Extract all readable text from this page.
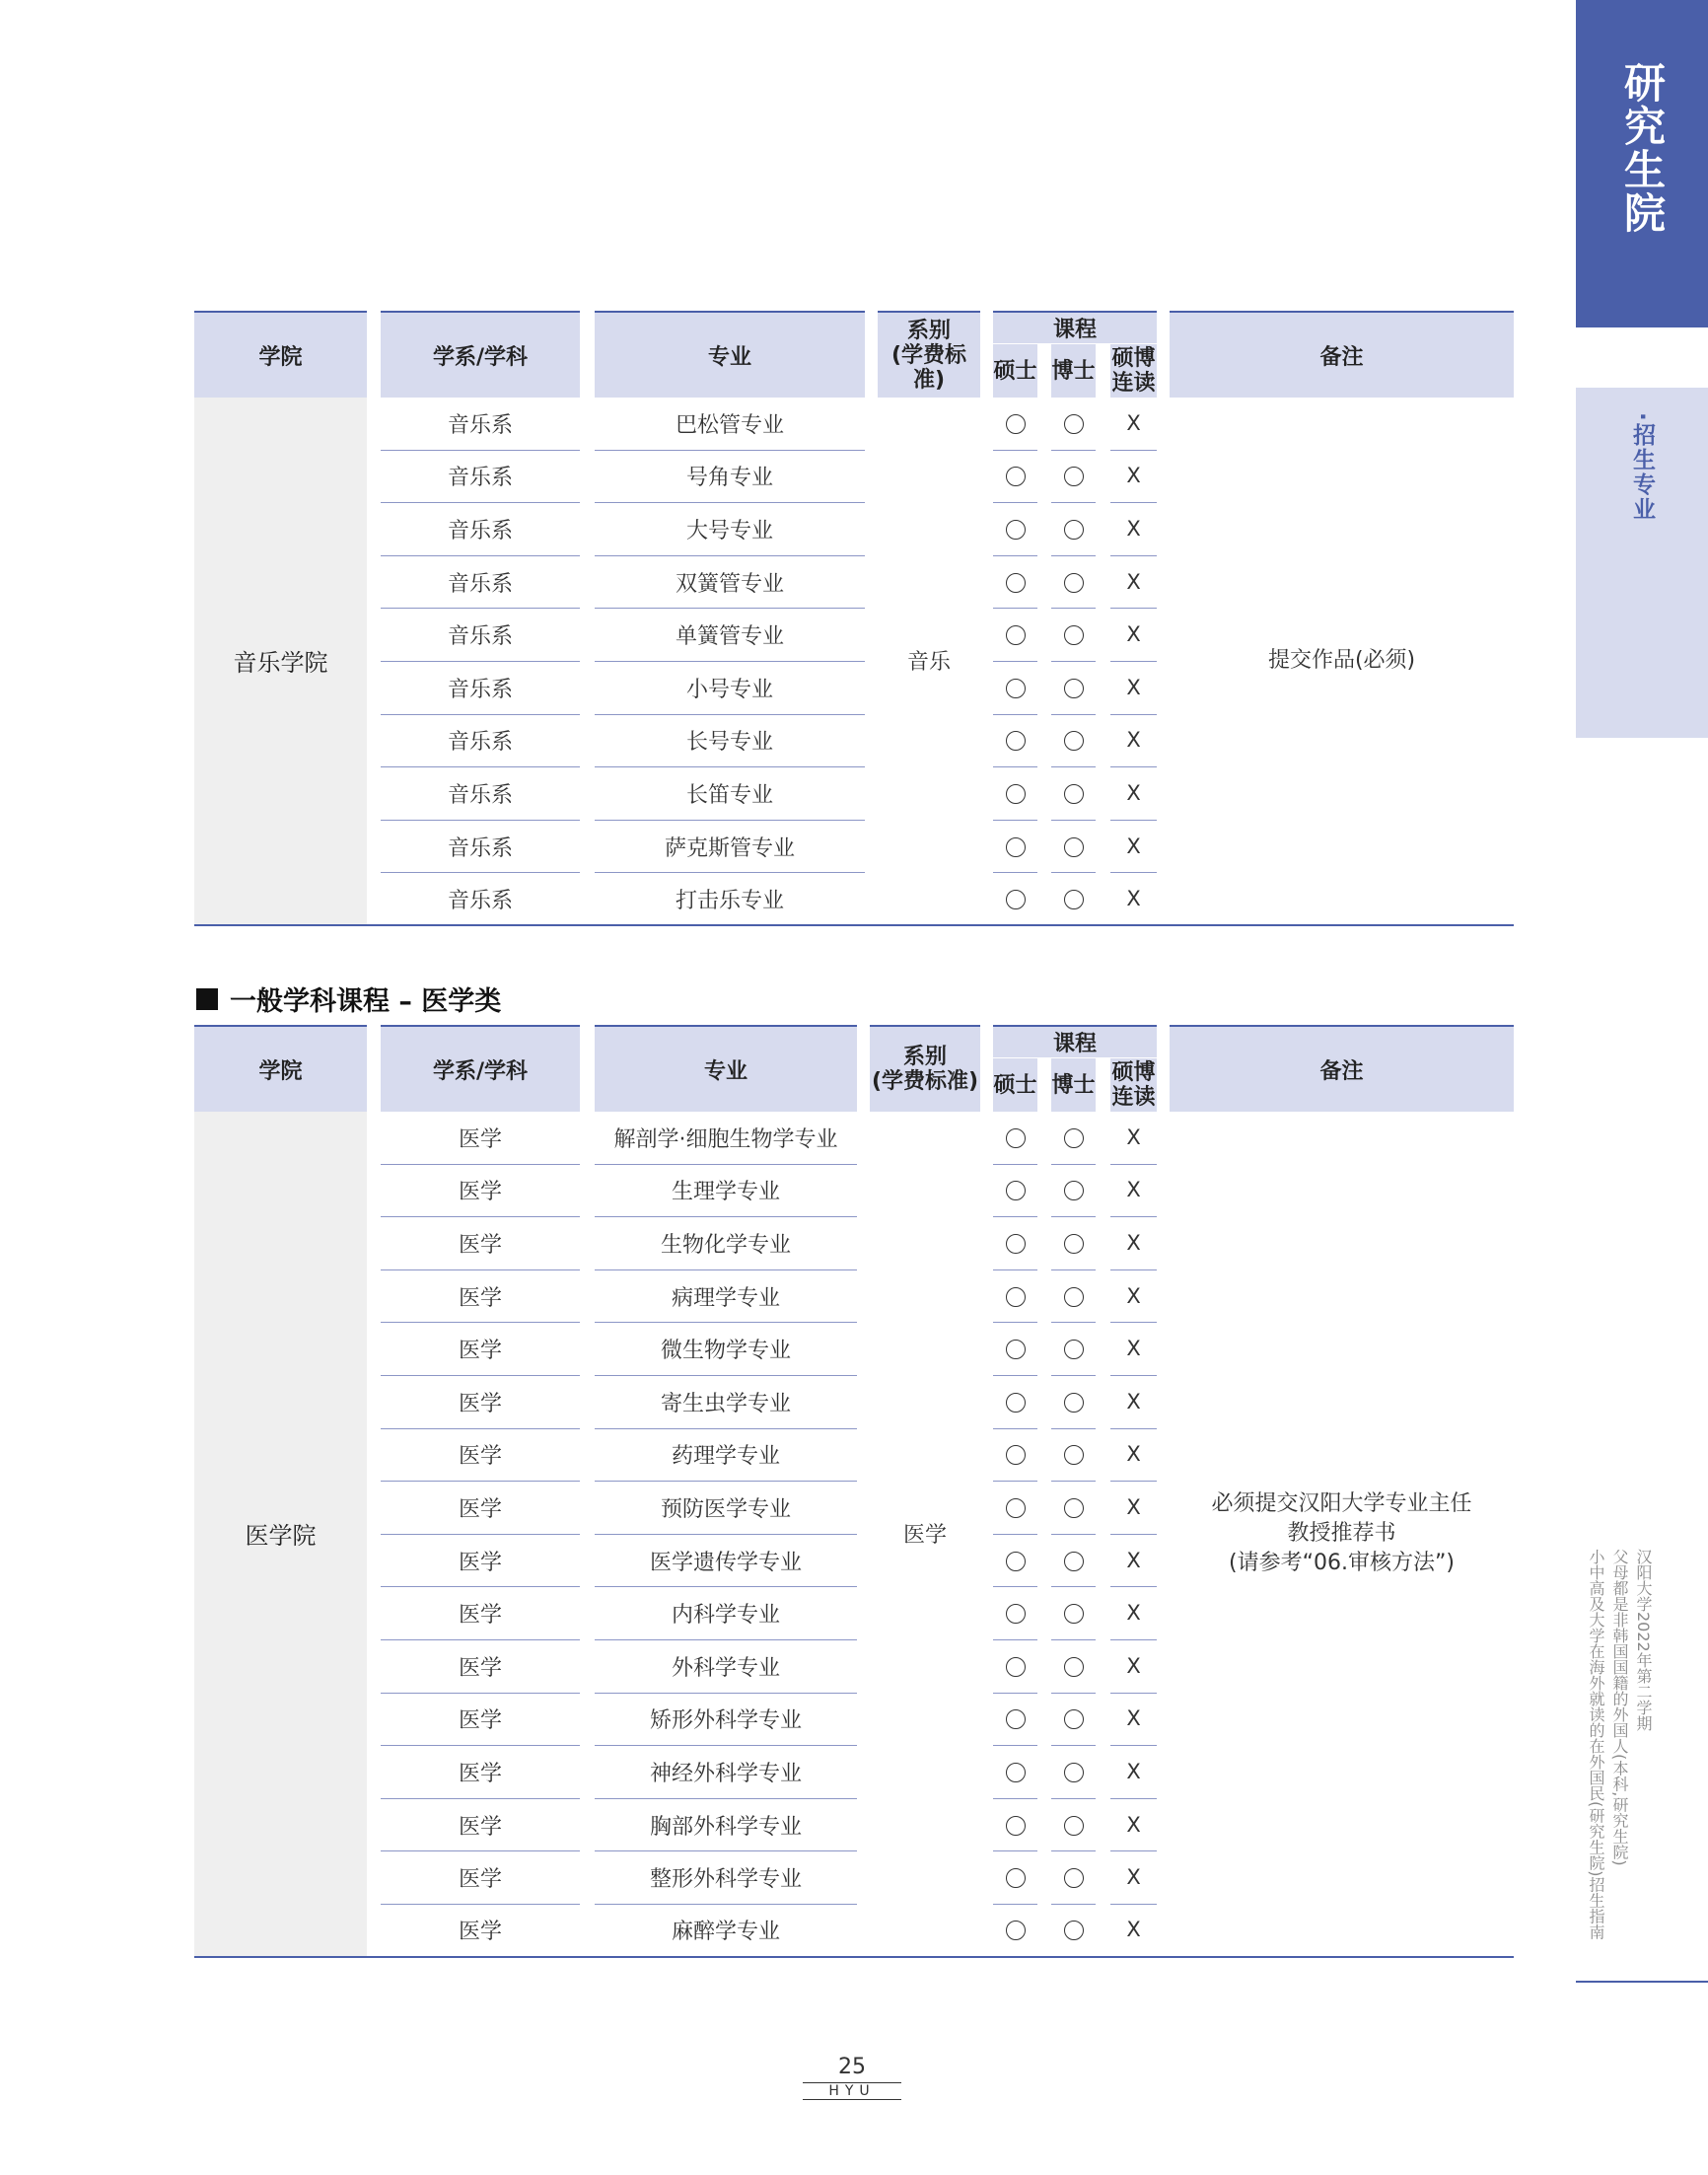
研究生院
·招生专业
汉阳大学2022年第二学期
父母都是非韩国国籍的外国人(本科,研究生院)
小中高及大学在海外就读的在外国民(研究生院)招生指南
学院		学系/学科		专业		系别
(学费标准)		课程						备注
								硕士		博士		硕博
连读		

音乐学院		音乐系		巴松管专业		音乐						X		提交作品(必须)

		音乐系		号角专业								X		
		音乐系		大号专业								X		
		音乐系		双簧管专业								X		
		音乐系		单簧管专业								X		
		音乐系		小号专业								X		
		音乐系		长号专业								X		
		音乐系		长笛专业								X		
		音乐系		萨克斯管专业								X		
		音乐系		打击乐专业								X		
一般学科课程 – 医学类
学院		学系/学科		专业		系别
(学费标准)		课程						备注
								硕士		博士		硕博
连读		

医学院		医学		解剖学·细胞生物学专业		医学						X		必须提交汉阳大学专业主任
教授推荐书
(请参考“06.审核方法”)

		医学		生理学专业								X		
		医学		生物化学专业								X		
		医学		病理学专业								X		
		医学		微生物学专业								X		
		医学		寄生虫学专业								X		
		医学		药理学专业								X		
		医学		预防医学专业								X		
		医学		医学遗传学专业								X		
		医学		内科学专业								X		
		医学		外科学专业								X		
		医学		矫形外科学专业								X		
		医学		神经外科学专业								X		
		医学		胸部外科学专业								X		
		医学		整形外科学专业								X		
		医学		麻醉学专业								X		
25
HYU
